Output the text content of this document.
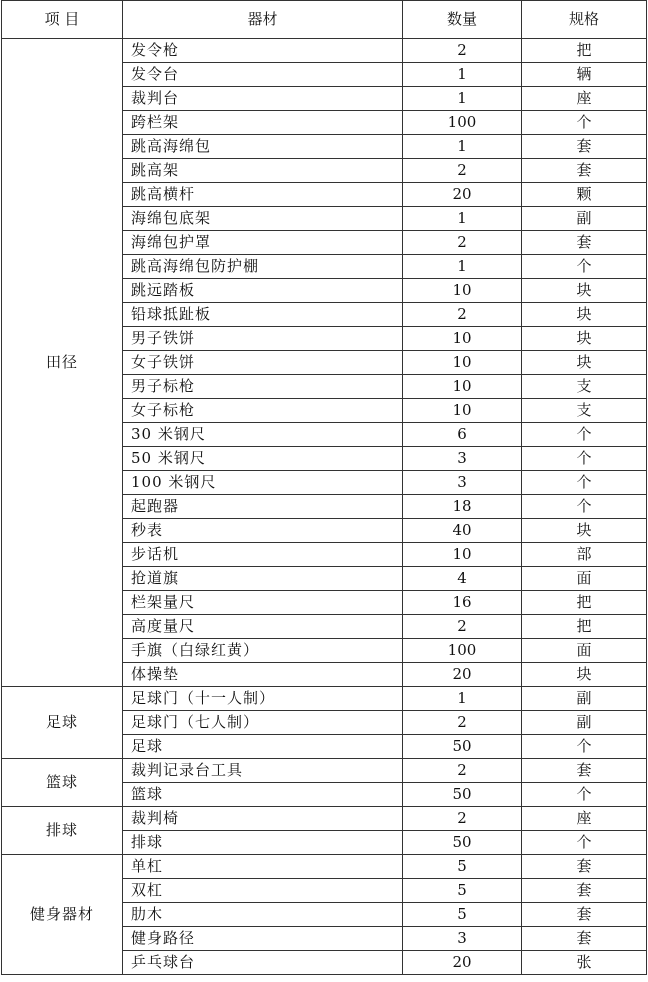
项 目	器材	数量	规格
田径	发令枪	2	把
	发令台	1	辆
	裁判台	1	座
	跨栏架	100	个
	跳高海绵包	1	套
	跳高架	2	套
	跳高横杆	20	颗
	海绵包底架	1	副
	海绵包护罩	2	套
	跳高海绵包防护棚	1	个
	跳远踏板	10	块
	铅球抵趾板	2	块
	男子铁饼	10	块
	女子铁饼	10	块
	男子标枪	10	支
	女子标枪	10	支
	30 米钢尺	6	个
	50 米钢尺	3	个
	100 米钢尺	3	个
	起跑器	18	个
	秒表	40	块
	步话机	10	部
	抢道旗	4	面
	栏架量尺	16	把
	高度量尺	2	把
	手旗（白绿红黄）	100	面
	体操垫	20	块
足球	足球门（十一人制）	1	副
	足球门（七人制）	2	副
	足球	50	个
篮球	裁判记录台工具	2	套
	篮球	50	个
排球	裁判椅	2	座
	排球	50	个
健身器材	单杠	5	套
	双杠	5	套
	肋木	5	套
	健身路径	3	套
	乒乓球台	20	张
